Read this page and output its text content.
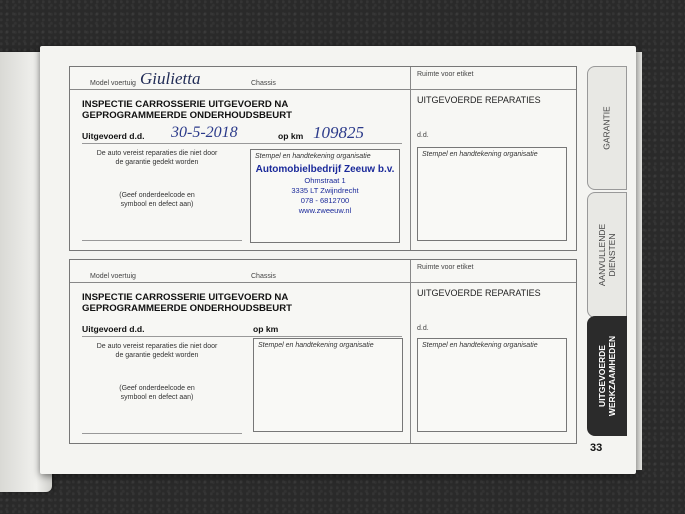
Model voertuig Giulietta	Chassis
Ruimte voor etiket
INSPECTIE CARROSSERIE UITGEVOERD NA
GEPROGRAMMEERDE ONDERHOUDSBEURT

UITGEVOERDE REPARATIES
Uitgevoerd d.d. 30-5-2018	op km 109825	d.d.
De auto vereist reparaties die niet door
de garantie gedekt worden
(Geef onderdeelcode en
symbool en defect aan)
Stempel en handtekening organisatie
Automobielbedrijf Zeeuw b.v.
Ohmstraat 1
3335 LT Zwijndrecht
078 - 6812700
www.zweeuw.nl
Stempel en handtekening organisatie
Model voertuig	Chassis
Ruimte voor etiket
INSPECTIE CARROSSERIE UITGEVOERD NA
GEPROGRAMMEERDE ONDERHOUDSBEURT
UITGEVOERDE REPARATIES
Uitgevoerd d.d.	op km	d.d.
De auto vereist reparaties die niet door
de garantie gedekt worden
(Geef onderdeelcode en
symbool en defect aan)
Stempel en handtekening organisatie	Stempel en handtekening organisatie
GARANTIE
AANVULLENDE DIENSTEN
UITGEVOERDE WERKZAAMHEDEN
33
